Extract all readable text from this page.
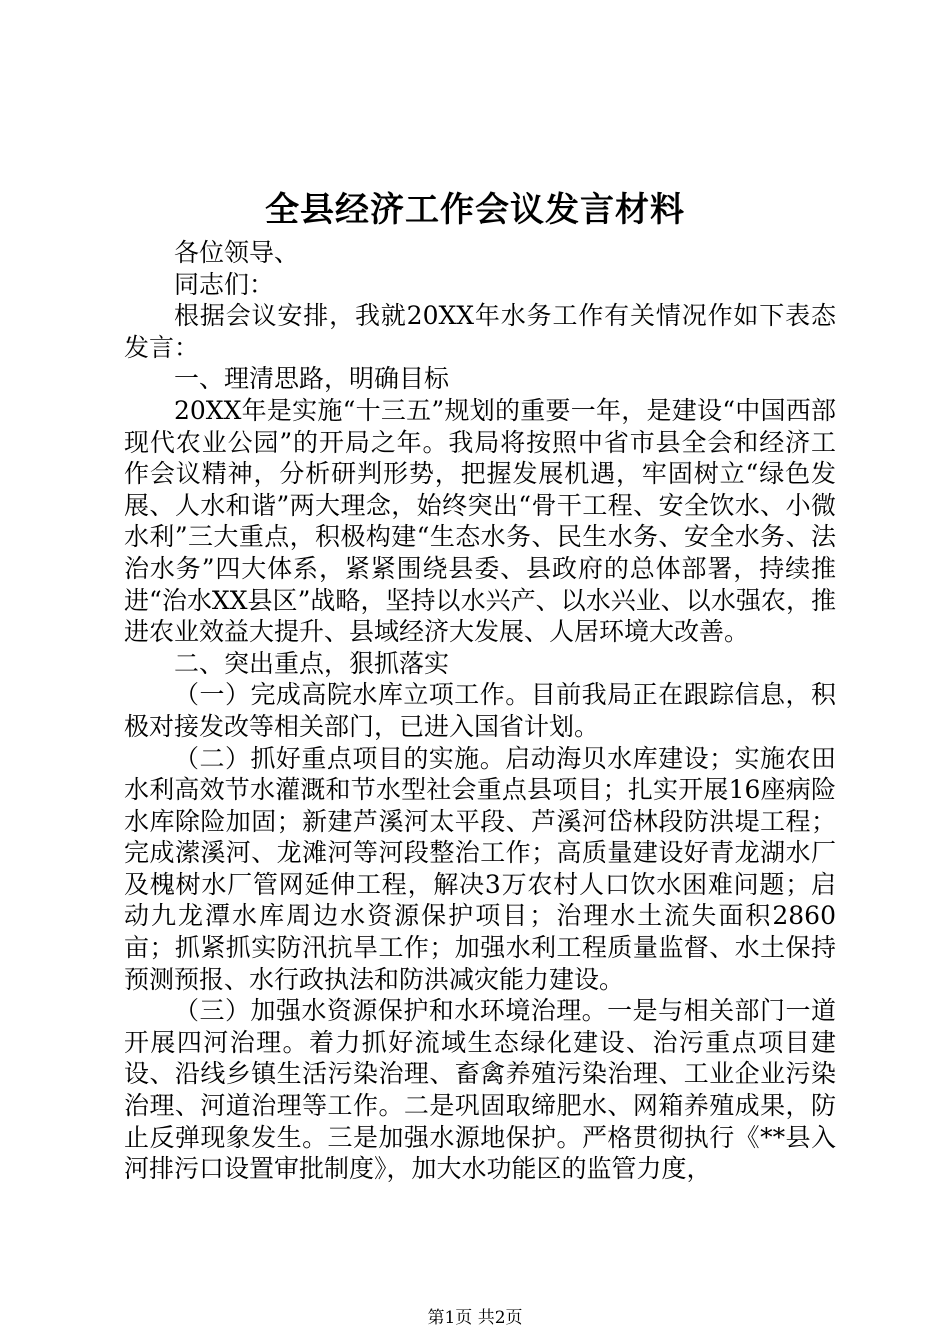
全县经济工作会议发言材料

各位领导、

同志们：

根据会议安排，我就20XX年水务工作有关情况作如下表态发言：

一、理清思路，明确目标

20XX年是实施“十三五”规划的重要一年，是建设“中国西部现代农业公园”的开局之年。我局将按照中省市县全会和经济工作会议精神，分析研判形势，把握发展机遇，牢固树立“绿色发展、人水和谐”两大理念，始终突出“骨干工程、安全饮水、小微水利”三大重点，积极构建“生态水务、民生水务、安全水务、法治水务”四大体系，紧紧围绕县委、县政府的总体部署，持续推进“治水XX县区”战略，坚持以水兴产、以水兴业、以水强农，推进农业效益大提升、县域经济大发展、人居环境大改善。

二、突出重点，狠抓落实

（一）完成高院水库立项工作。目前我局正在跟踪信息，积极对接发改等相关部门，已进入国省计划。

（二）抓好重点项目的实施。启动海贝水库建设；实施农田水利高效节水灌溉和节水型社会重点县项目；扎实开展16座病险水库除险加固；新建芦溪河太平段、芦溪河岱林段防洪堤工程；完成潆溪河、龙滩河等河段整治工作；高质量建设好青龙湖水厂及槐树水厂管网延伸工程，解决3万农村人口饮水困难问题；启动九龙潭水库周边水资源保护项目；治理水土流失面积2860亩；抓紧抓实防汛抗旱工作；加强水利工程质量监督、水土保持预测预报、水行政执法和防洪减灾能力建设。

（三）加强水资源保护和水环境治理。一是与相关部门一道开展四河治理。着力抓好流域生态绿化建设、治污重点项目建设、沿线乡镇生活污染治理、畜禽养殖污染治理、工业企业污染治理、河道治理等工作。二是巩固取缔肥水、网箱养殖成果，防止反弹现象发生。三是加强水源地保护。严格贯彻执行《**县入河排污口设置审批制度》，加大水功能区的监管力度，

第1页 共2页
